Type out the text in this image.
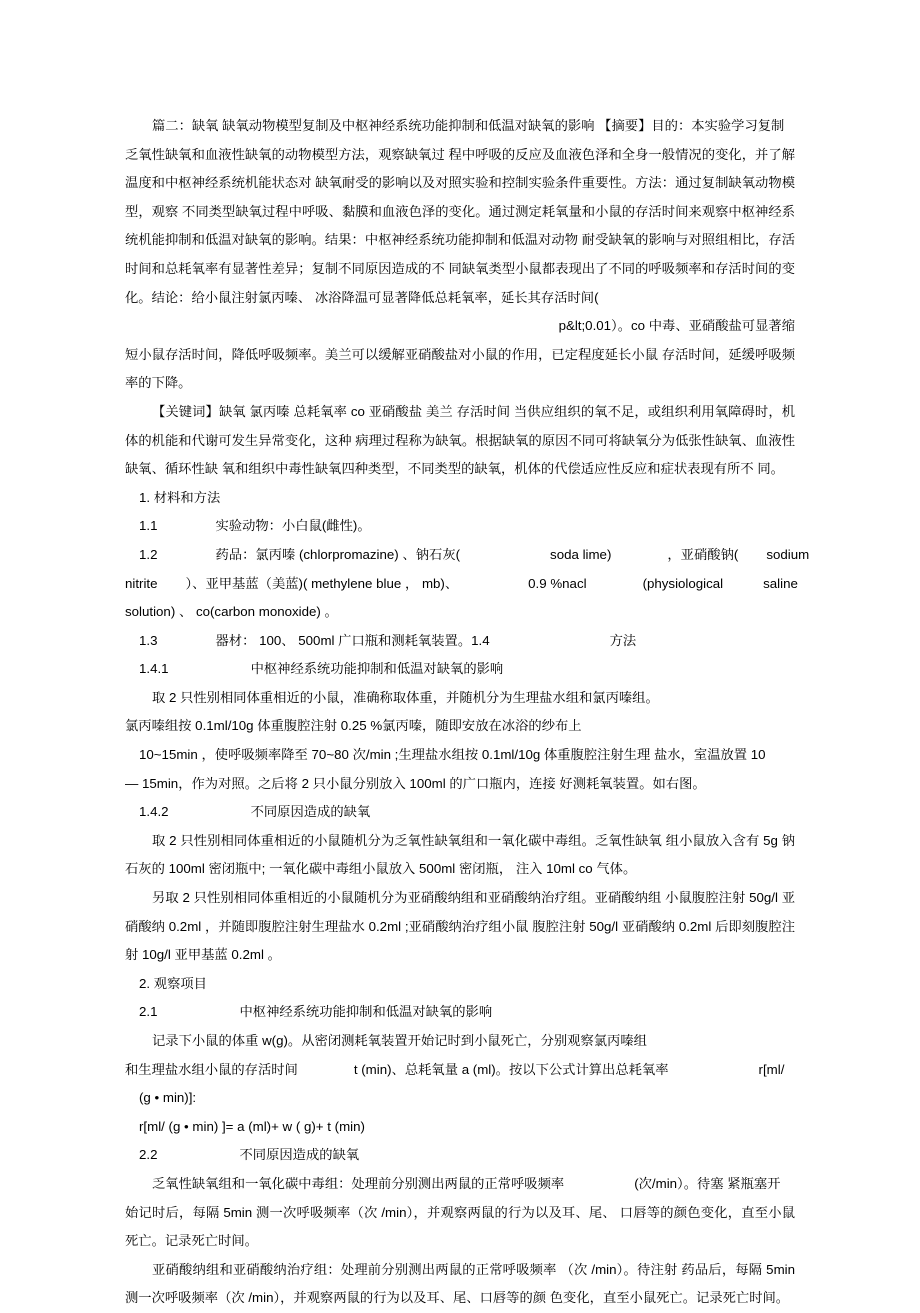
篇二：缺氧 缺氧动物模型复制及中枢神经系统功能抑制和低温对缺氧的影响 【摘要】目的：本实验学习复制

乏氧性缺氧和血液性缺氧的动物模型方法，观察缺氧过 程中呼吸的反应及血液色泽和全身一般情况的变化，并了解温度和中枢神经系统机能状态对 缺氧耐受的影响以及对照实验和控制实验条件重要性。方法：通过复制缺氧动物模型，观察 不同类型缺氧过程中呼吸、黏膜和血液色泽的变化。通过测定耗氧量和小鼠的存活时间来观察中枢神经系统机能抑制和低温对缺氧的影响。结果：中枢神经系统功能抑制和低温对动物 耐受缺氧的影响与对照组相比，存活时间和总耗氧率有显著性差异；复制不同原因造成的不 同缺氧类型小鼠都表现出了不同的呼吸频率和存活时间的变化。结论：给小鼠注射氯丙嗪、 冰浴降温可显著降低总耗氧率，延长其存活时间(

p&lt;0.01）。co 中毒、亚硝酸盐可显著缩

短小鼠存活时间，降低呼吸频率。美兰可以缓解亚硝酸盐对小鼠的作用，已定程度延长小鼠 存活时间，延缓呼吸频率的下降。

【关键词】缺氧 氯丙嗪 总耗氧率 co 亚硝酸盐 美兰 存活时间 当供应组织的氧不足，或组织利用氧障碍时，机体的机能和代谢可发生异常变化，这种 病理过程称为缺氧。根据缺氧的原因不同可将缺氧分为低张性缺氧、血液性缺氧、循环性缺 氧和组织中毒性缺氧四种类型，不同类型的缺氧，机体的代偿适应性反应和症状表现有所不 同。

1. 材料和方法

1.1	实验动物：小白鼠(雌性)。

1.2	药品：氯丙嗪 (chlorpromazine) 、钠石灰(	soda lime)	，亚硝酸钠( sodium

nitrite ）、亚甲基蓝（美蓝)( methylene blue ， mb)、	0.9 %nacl	(physiological	saline

solution) 、 co(carbon monoxide) 。

1.3	器材： 100、 500ml 广口瓶和测耗氧装置。1.4	方法

1.4.1	中枢神经系统功能抑制和低温对缺氧的影响

取 2 只性别相同体重相近的小鼠，准确称取体重，并随机分为生理盐水组和氯丙嗪组。

氯丙嗪组按 0.1ml/10g 体重腹腔注射 0.25 %氯丙嗪，随即安放在冰浴的纱布上

10~15min ，使呼吸频率降至 70~80 次/min ;生理盐水组按 0.1ml/10g 体重腹腔注射生理 盐水，室温放置 10

— 15min，作为对照。之后将 2 只小鼠分别放入 100ml 的广口瓶内，连接 好测耗氧装置。如右图。

1.4.2	不同原因造成的缺氧

取 2 只性别相同体重相近的小鼠随机分为乏氧性缺氧组和一氧化碳中毒组。乏氧性缺氧 组小鼠放入含有 5g 钠石灰的 100ml 密闭瓶中; 一氧化碳中毒组小鼠放入 500ml 密闭瓶， 注入 10ml co 气体。

另取 2 只性别相同体重相近的小鼠随机分为亚硝酸纳组和亚硝酸纳治疗组。亚硝酸纳组 小鼠腹腔注射 50g/l 亚硝酸纳 0.2ml ，并随即腹腔注射生理盐水 0.2ml ;亚硝酸纳治疗组小鼠 腹腔注射 50g/l 亚硝酸纳 0.2ml 后即刻腹腔注射 10g/l 亚甲基蓝 0.2ml 。

2. 观察项目

2.1	中枢神经系统功能抑制和低温对缺氧的影响

记录下小鼠的体重 w(g)。从密闭测耗氧装置开始记时到小鼠死亡，分别观察氯丙嗪组

和生理盐水组小鼠的存活时间	t (min)、总耗氧量 a (ml)。按以下公式计算出总耗氧率	r[ml/

(g • min)]:

r[ml/ (g • min) ]= a (ml)+ w ( g)+ t (min)

2.2	不同原因造成的缺氧

乏氧性缺氧组和一氧化碳中毒组：处理前分别测出两鼠的正常呼吸频率	(次/min）。待塞 紧瓶塞开

始记时后，每隔 5min 测一次呼吸频率（次 /min），并观察两鼠的行为以及耳、尾、 口唇等的颜色变化，直至小鼠死亡。记录死亡时间。

亚硝酸纳组和亚硝酸纳治疗组：处理前分别测出两鼠的正常呼吸频率 （次 /min）。待注射 药品后，每隔 5min 测一次呼吸频率（次 /min），并观察两鼠的行为以及耳、尾、口唇等的颜 色变化，直至小鼠死亡。记录死亡时间。
